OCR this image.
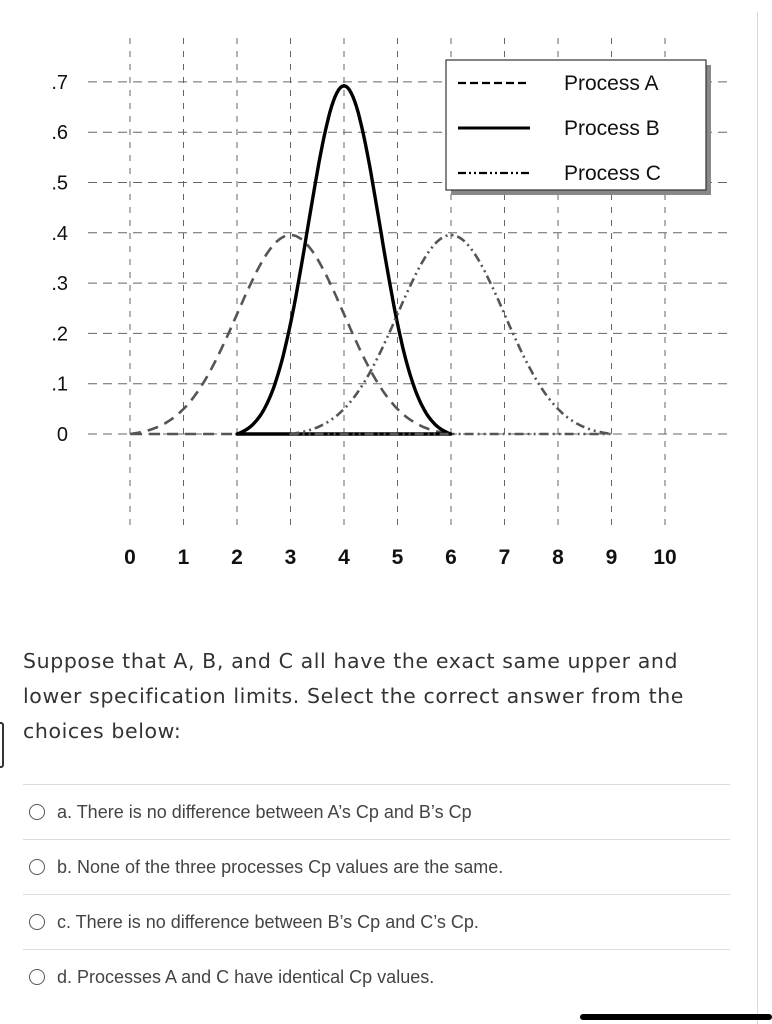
.7
.6
.5
.4
.3
.2
.1
0
0 1 2 3 4 5 6 7 8 9 10
Process A
Process B
Process C
Suppose that A, B, and C all have the exact same upper and lower specification limits. Select the correct answer from the choices below:
a. There is no difference between A’s Cp and B’s Cp
b. None of the three processes Cp values are the same.
c. There is no difference between B’s Cp and C’s Cp.
d. Processes A and C have identical Cp values.
